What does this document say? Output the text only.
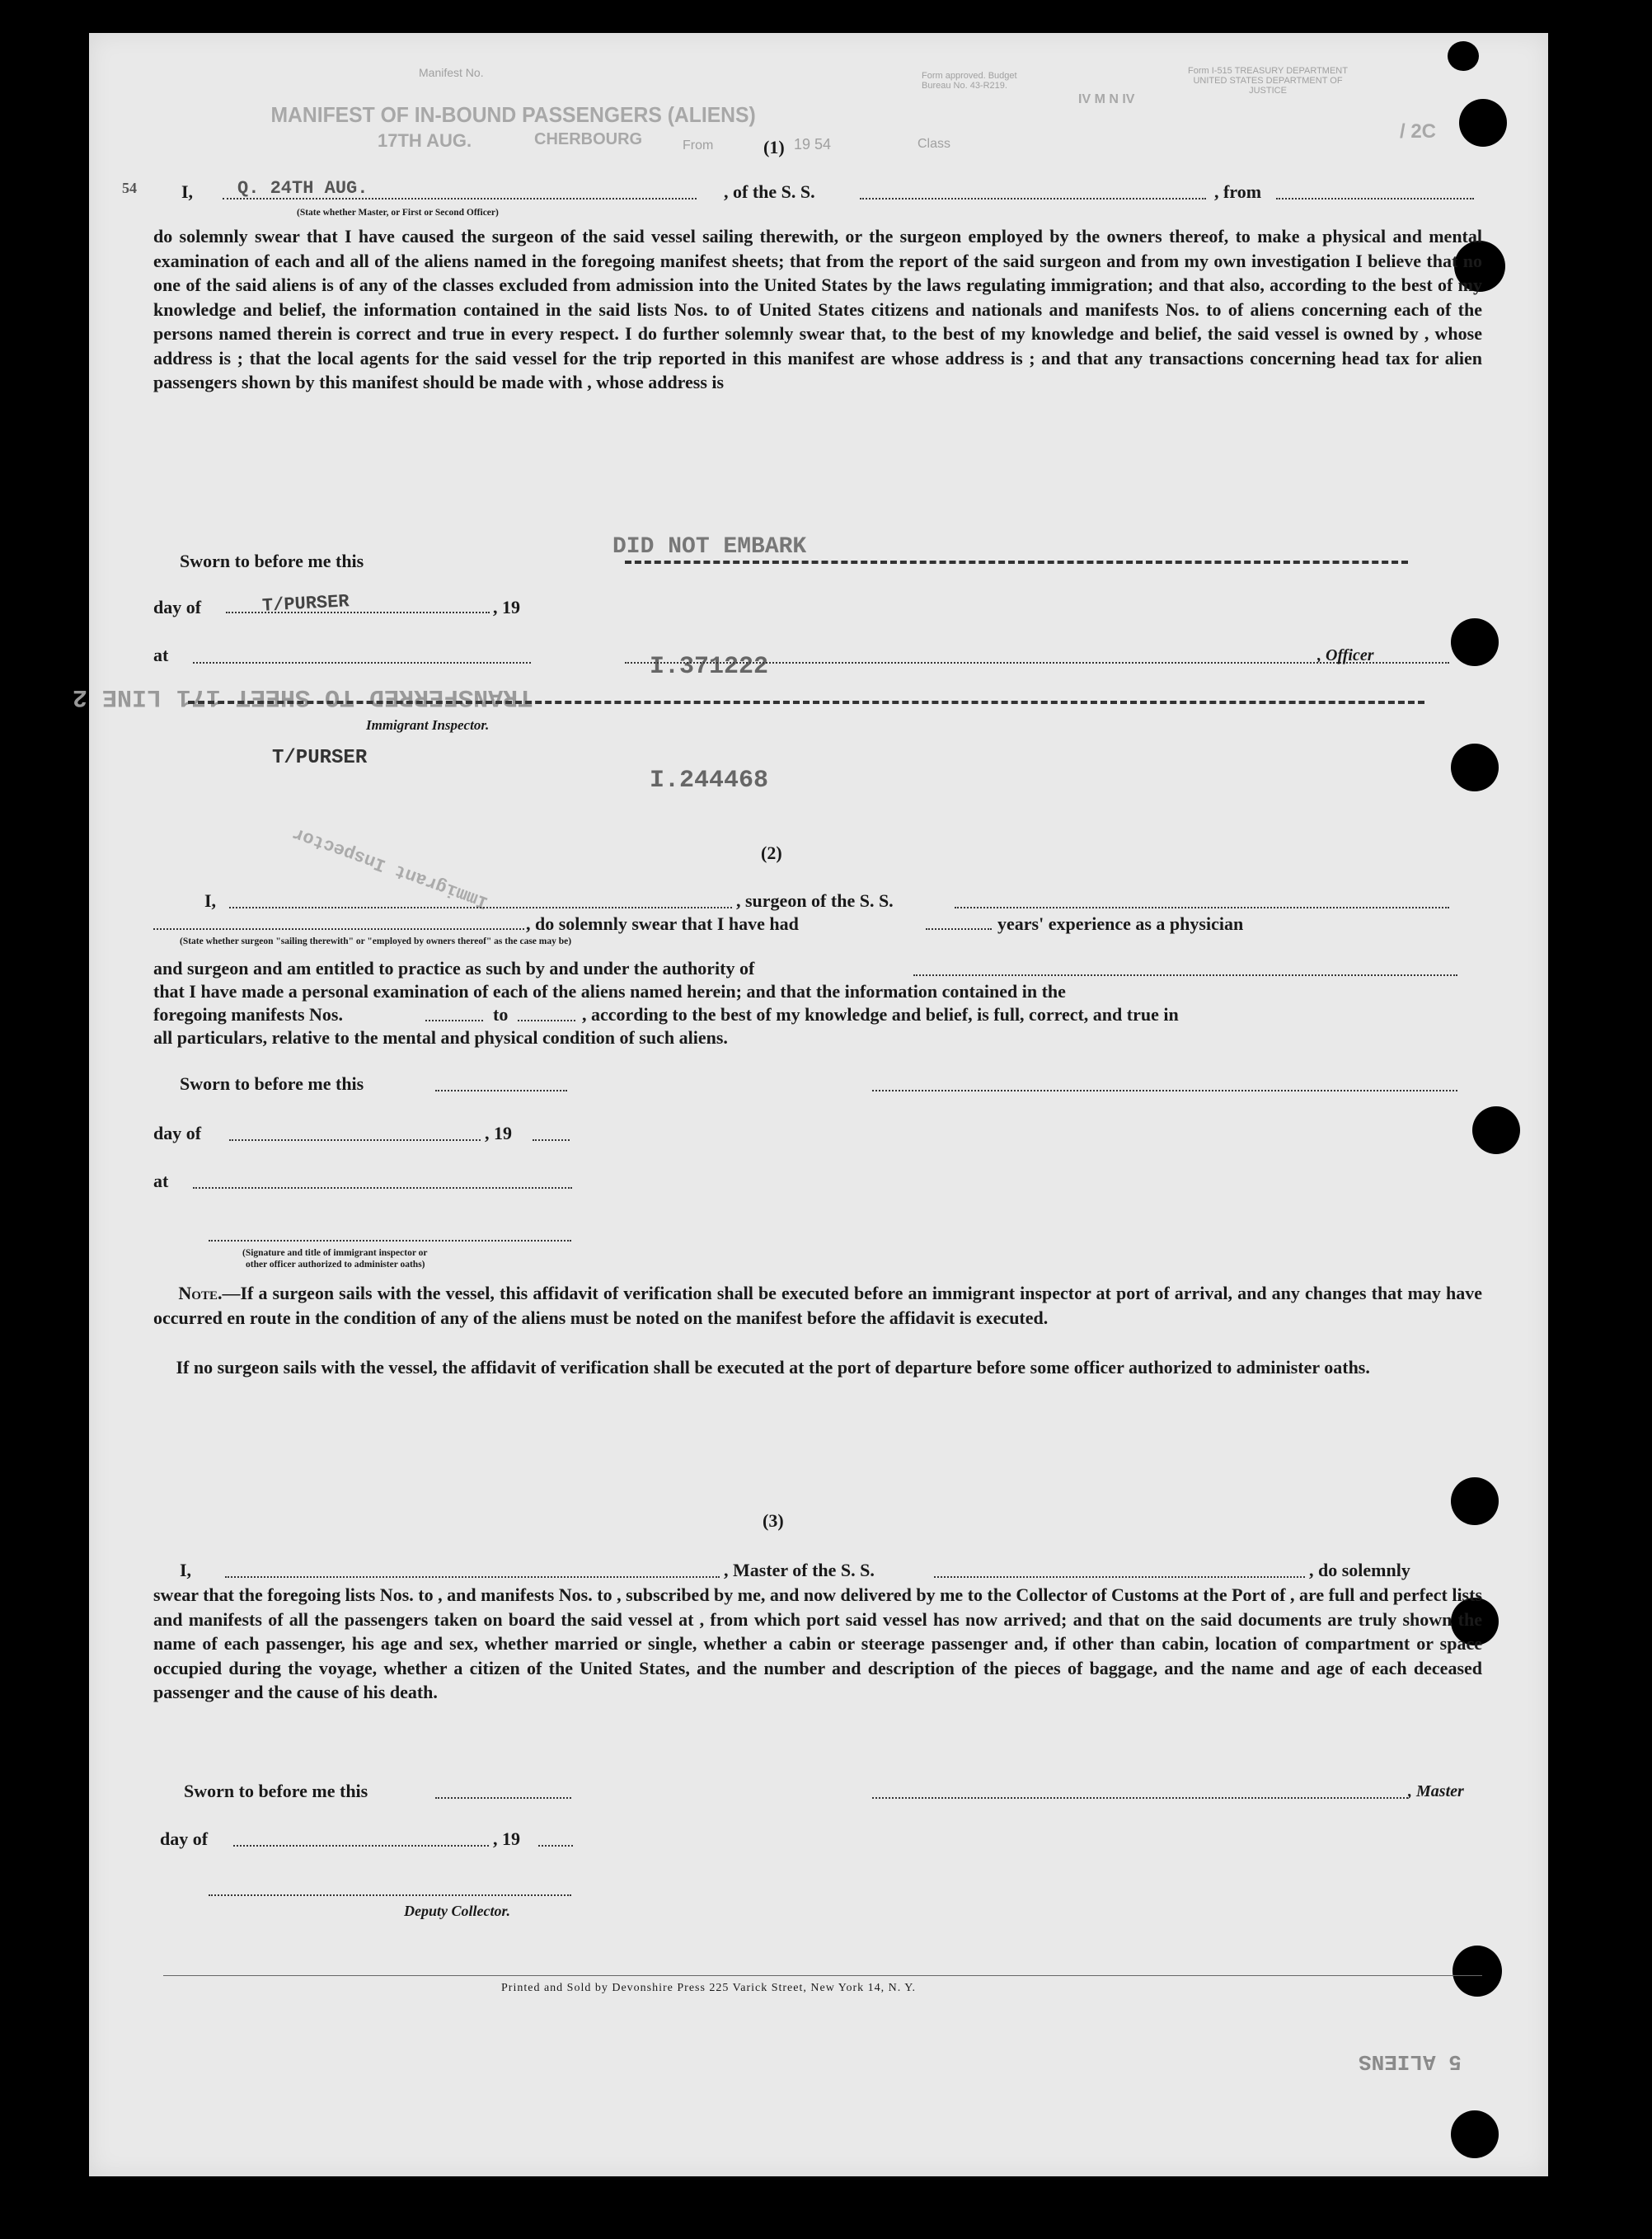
MANIFEST OF IN-BOUND PASSENGERS (ALIENS)
Manifest No.
17TH AUG.	CHERBOURG	From	19 54
Form approved. Budget Bureau No. 43-R219.
Class
IV M N IV
Form I-515 TREASURY DEPARTMENT UNITED STATES DEPARTMENT OF JUSTICE
/ 2C
(1)
54 I, Q. 24TH AUG.	, of the S. S.	, from
(State whether Master, or First or Second Officer)

do solemnly swear that I have caused the surgeon of the said vessel sailing therewith, or the surgeon employed by the owners thereof, to make a physical and mental examination of each and all of the aliens named in the foregoing manifest sheets; that from the report of the said surgeon and from my own investigation I believe that no one of the said aliens is of any of the classes excluded from admission into the United States by the laws regulating immigration; and that also, according to the best of my knowledge and belief, the information contained in the said lists Nos. to of United States citizens and nationals and manifests Nos. to of aliens concerning each of the persons named therein is correct and true in every respect. I do further solemnly swear that, to the best of my knowledge and belief, the said vessel is owned by , whose address is ; that the local agents for the said vessel for the trip reported in this manifest are whose address is ; and that any transactions concerning head tax for alien passengers shown by this manifest should be made with , whose address is

DID NOT EMBARK
T/PURSER
I.371222
TRANSFERRED TO SHEET 171 LINE 2
T/PURSER
I.244468
Immigrant Inspector
Sworn to before me this
day of	, 19
at	, Officer
Immigrant Inspector.
(2)
I,	, surgeon of the S. S.
, do solemnly swear that I have had	years' experience as a physician
(State whether surgeon "sailing therewith" or "employed by owners thereof" as the case may be)
and surgeon and am entitled to practice as such by and under the authority of
that I have made a personal examination of each of the aliens named herein; and that the information contained in the
foregoing manifests Nos.	to	, according to the best of my knowledge and belief, is full, correct, and true in
all particulars, relative to the mental and physical condition of such aliens.
Sworn to before me this
day of	, 19
at
(Signature and title of immigrant inspector or
other officer authorized to administer oaths)

Note.—If a surgeon sails with the vessel, this affidavit of verification shall be executed before an immigrant inspector at port of arrival, and any changes that may have occurred en route in the condition of any of the aliens must be noted on the manifest before the affidavit is executed.

If no surgeon sails with the vessel, the affidavit of verification shall be executed at the port of departure before some officer authorized to administer oaths.

(3)
I,	, Master of the S. S.	, do solemnly

swear that the foregoing lists Nos. to , and manifests Nos. to , subscribed by me, and now delivered by me to the Collector of Customs at the Port of , are full and perfect lists and manifests of all the passengers taken on board the said vessel at , from which port said vessel has now arrived; and that on the said documents are truly shown the name of each passenger, his age and sex, whether married or single, whether a cabin or steerage passenger and, if other than cabin, location of compartment or space occupied during the voyage, whether a citizen of the United States, and the number and description of the pieces of baggage, and the name and age of each deceased passenger and the cause of his death.

Sworn to before me this	, Master
day of	, 19
Deputy Collector.
Printed and Sold by Devonshire Press 225 Varick Street, New York 14, N. Y.
5 ALIENS
